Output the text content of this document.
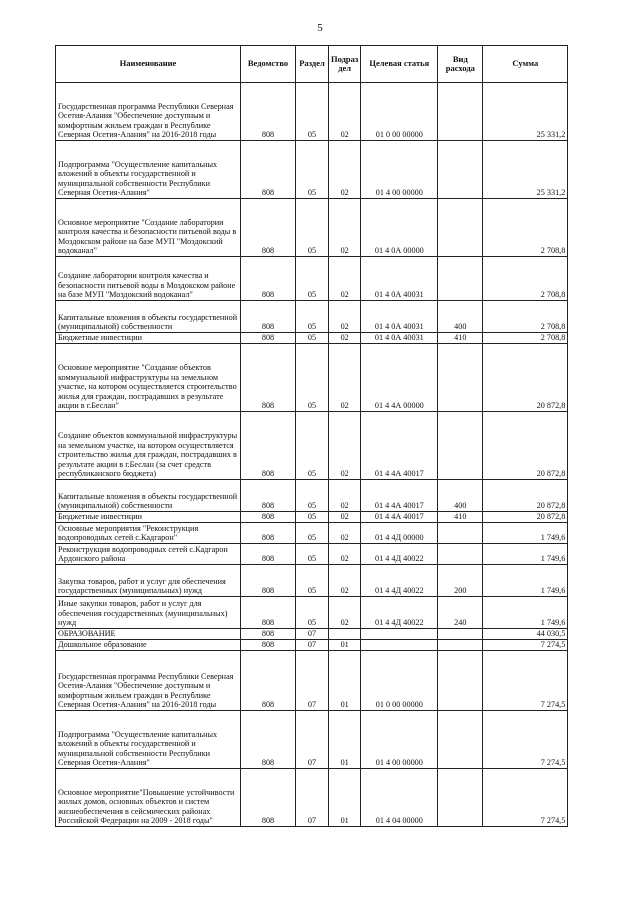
5
Наименование	Ведомство	Раздел	Подраз дел	Целевая статья	Вид расхода	Сумма
Государственная программа Республики Северная Осетия-Алания "Обеспечение доступным и комфортным жильем граждан в Республике Северная Осетия-Алания" на 2016-2018 годы	808	05	02	01 0 00 00000		25 331,2
Подпрограмма "Осуществление капитальных вложений в объекты государственной и муниципальной собственности Республики Северная Осетия-Алания"	808	05	02	01 4 00 00000		25 331,2
Основное мероприятие "Создание лаборатории контроля качества и безопасности питьевой воды в Моздокском районе на базе МУП "Моздокский водоканал"	808	05	02	01 4 0А 00000		2 708,8
Создание лаборатории контроля качества и безопасности питьевой воды в Моздокском районе на базе МУП "Моздокский водоканал"	808	05	02	01 4 0А 40031		2 708,8
Капитальные вложения в объекты государственной (муниципальной) собственности	808	05	02	01 4 0А 40031	400	2 708,8
Бюджетные инвестиции	808	05	02	01 4 0А 40031	410	2 708,8
Основное мероприятие "Создание объектов коммунальной инфраструктуры на земельном участке, на котором осуществляется строительство жилья для граждан, пострадавших в результате акции в г.Беслан"	808	05	02	01 4 4А 00000		20 872,8
Создание объектов коммунальной инфраструктуры на земельном участке, на котором осуществляется строительство жилья для граждан, пострадавших в результате акции в г.Беслан (за счет средств республиканского бюджета)	808	05	02	01 4 4А 40017		20 872,8
Капитальные вложения в объекты государственной (муниципальной) собственности	808	05	02	01 4 4А 40017	400	20 872,8
Бюджетные инвестиции	808	05	02	01 4 4А 40017	410	20 872,8
Основные мероприятия "Реконструкция водопроводных сетей с.Кадгарон"	808	05	02	01 4 4Д 00000		1 749,6
Реконструкция водопроводных сетей с.Кадгарон Ардонского района	808	05	02	01 4 4Д 40022		1 749,6
Закупка товаров, работ и услуг для обеспечения государственных (муниципальных) нужд	808	05	02	01 4 4Д 40022	200	1 749,6
Иные закупки товаров, работ и услуг для обеспечения государственных (муниципальных) нужд	808	05	02	01 4 4Д 40022	240	1 749,6
ОБРАЗОВАНИЕ	808	07				44 030,5
Дошкольное образование	808	07	01			7 274,5
Государственная программа Республики Северная Осетия-Алания "Обеспечение доступным и комфортным жильем граждан в Республике Северная Осетия-Алания" на 2016-2018 годы	808	07	01	01 0 00 00000		7 274,5
Подпрограмма "Осуществление капитальных вложений в объекты государственной и муниципальной собственности Республики Северная Осетия-Алания"	808	07	01	01 4 00 00000		7 274,5
Основное мероприятие"Повышение устойчивости жилых домов, основных объектов и систем жизнеобеспечения в сейсмических районах Российской Федерации на 2009 - 2018 годы"	808	07	01	01 4 04 00000		7 274,5
